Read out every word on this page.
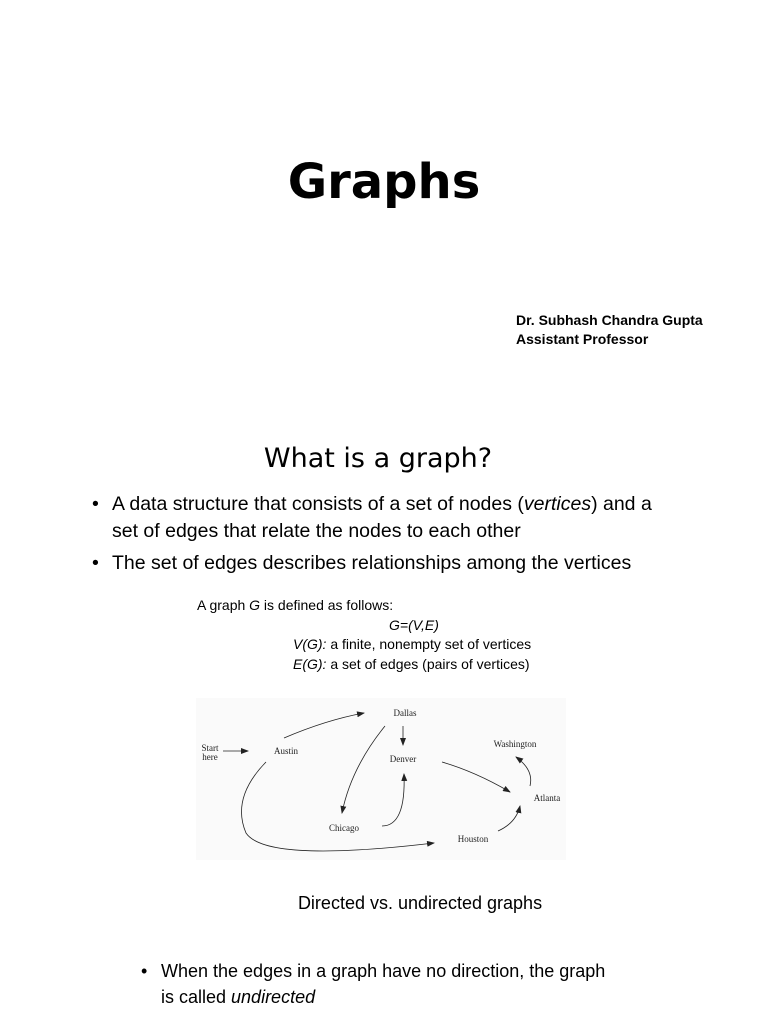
Graphs
Dr. Subhash Chandra Gupta
Assistant Professor
What is a graph?
• A data structure that consists of a set of nodes (vertices) and a set of edges that relate the nodes to each other
• The set of edges describes relationships among the vertices
A graph G is defined as follows:
G=(V,E)
V(G): a finite, nonempty set of vertices
E(G): a set of edges (pairs of vertices)
Start
here
Austin
Dallas
Denver
Washington
Atlanta
Chicago
Houston
Directed vs. undirected graphs
• When the edges in a graph have no direction, the graph is called undirected
